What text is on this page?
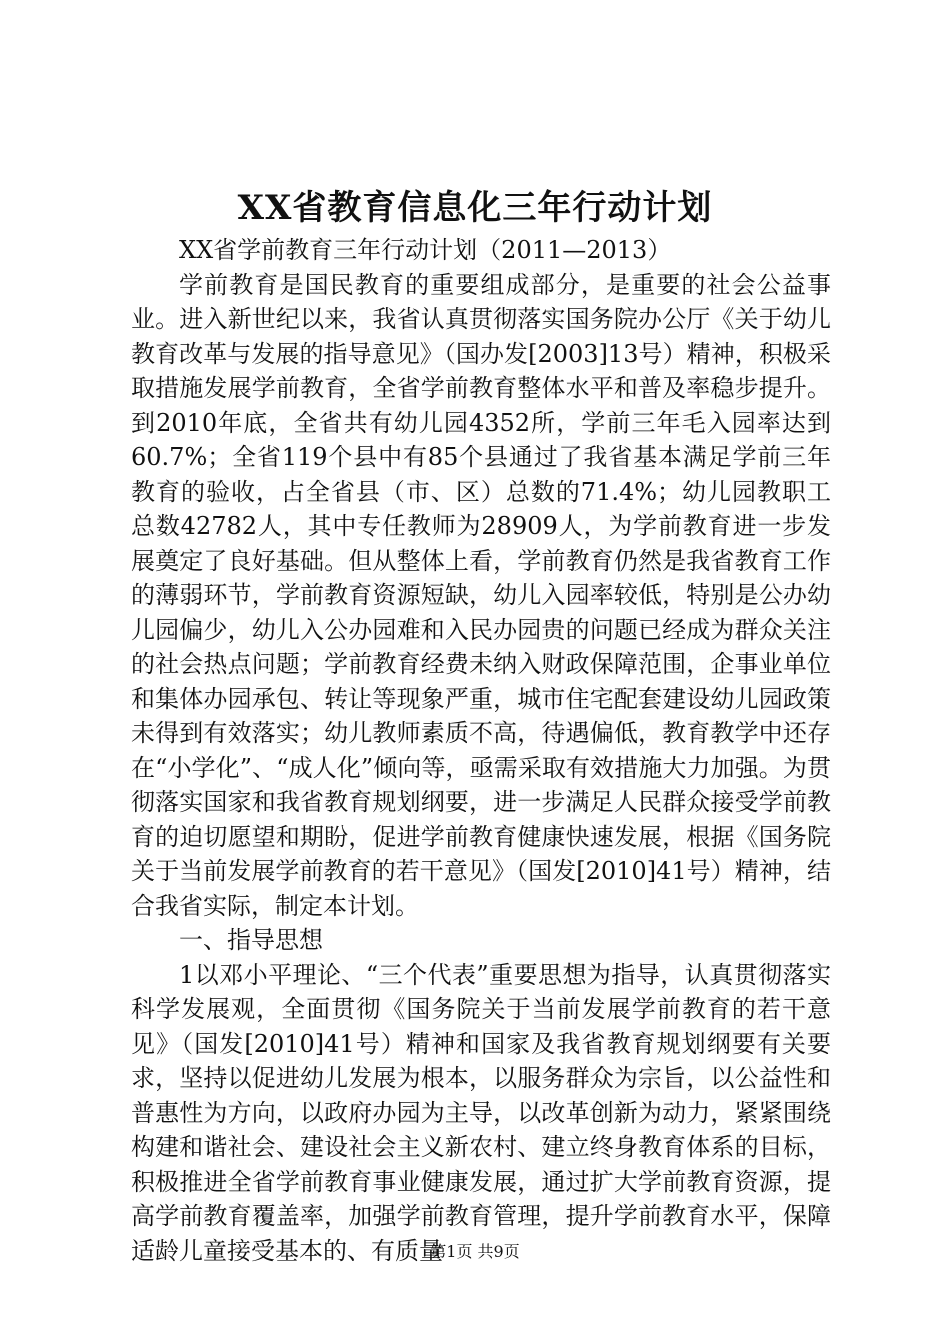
XX省教育信息化三年行动计划

XX省学前教育三年行动计划（2011—2013）

学前教育是国民教育的重要组成部分，是重要的社会公益事业。进入新世纪以来，我省认真贯彻落实国务院办公厅《关于幼儿教育改革与发展的指导意见》（国办发[2003]13号）精神，积极采取措施发展学前教育，全省学前教育整体水平和普及率稳步提升。到2010年底，全省共有幼儿园4352所，学前三年毛入园率达到60.7%；全省119个县中有85个县通过了我省基本满足学前三年教育的验收，占全省县（市、区）总数的71.4%；幼儿园教职工总数42782人，其中专任教师为28909人，为学前教育进一步发展奠定了良好基础。但从整体上看，学前教育仍然是我省教育工作的薄弱环节，学前教育资源短缺，幼儿入园率较低，特别是公办幼儿园偏少，幼儿入公办园难和入民办园贵的问题已经成为群众关注的社会热点问题；学前教育经费未纳入财政保障范围，企事业单位和集体办园承包、转让等现象严重，城市住宅配套建设幼儿园政策未得到有效落实；幼儿教师素质不高，待遇偏低，教育教学中还存在“小学化”、“成人化”倾向等，亟需采取有效措施大力加强。为贯彻落实国家和我省教育规划纲要，进一步满足人民群众接受学前教育的迫切愿望和期盼，促进学前教育健康快速发展，根据《国务院关于当前发展学前教育的若干意见》（国发[2010]41号）精神，结合我省实际，制定本计划。

一、指导思想

1以邓小平理论、“三个代表”重要思想为指导，认真贯彻落实科学发展观，全面贯彻《国务院关于当前发展学前教育的若干意见》（国发[2010]41号）精神和国家及我省教育规划纲要有关要求，坚持以促进幼儿发展为根本，以服务群众为宗旨，以公益性和普惠性为方向，以政府办园为主导，以改革创新为动力，紧紧围绕构建和谐社会、建设社会主义新农村、建立终身教育体系的目标，积极推进全省学前教育事业健康发展，通过扩大学前教育资源，提高学前教育覆盖率，加强学前教育管理，提升学前教育水平，保障适龄儿童接受基本的、有质量

第1页 共9页
